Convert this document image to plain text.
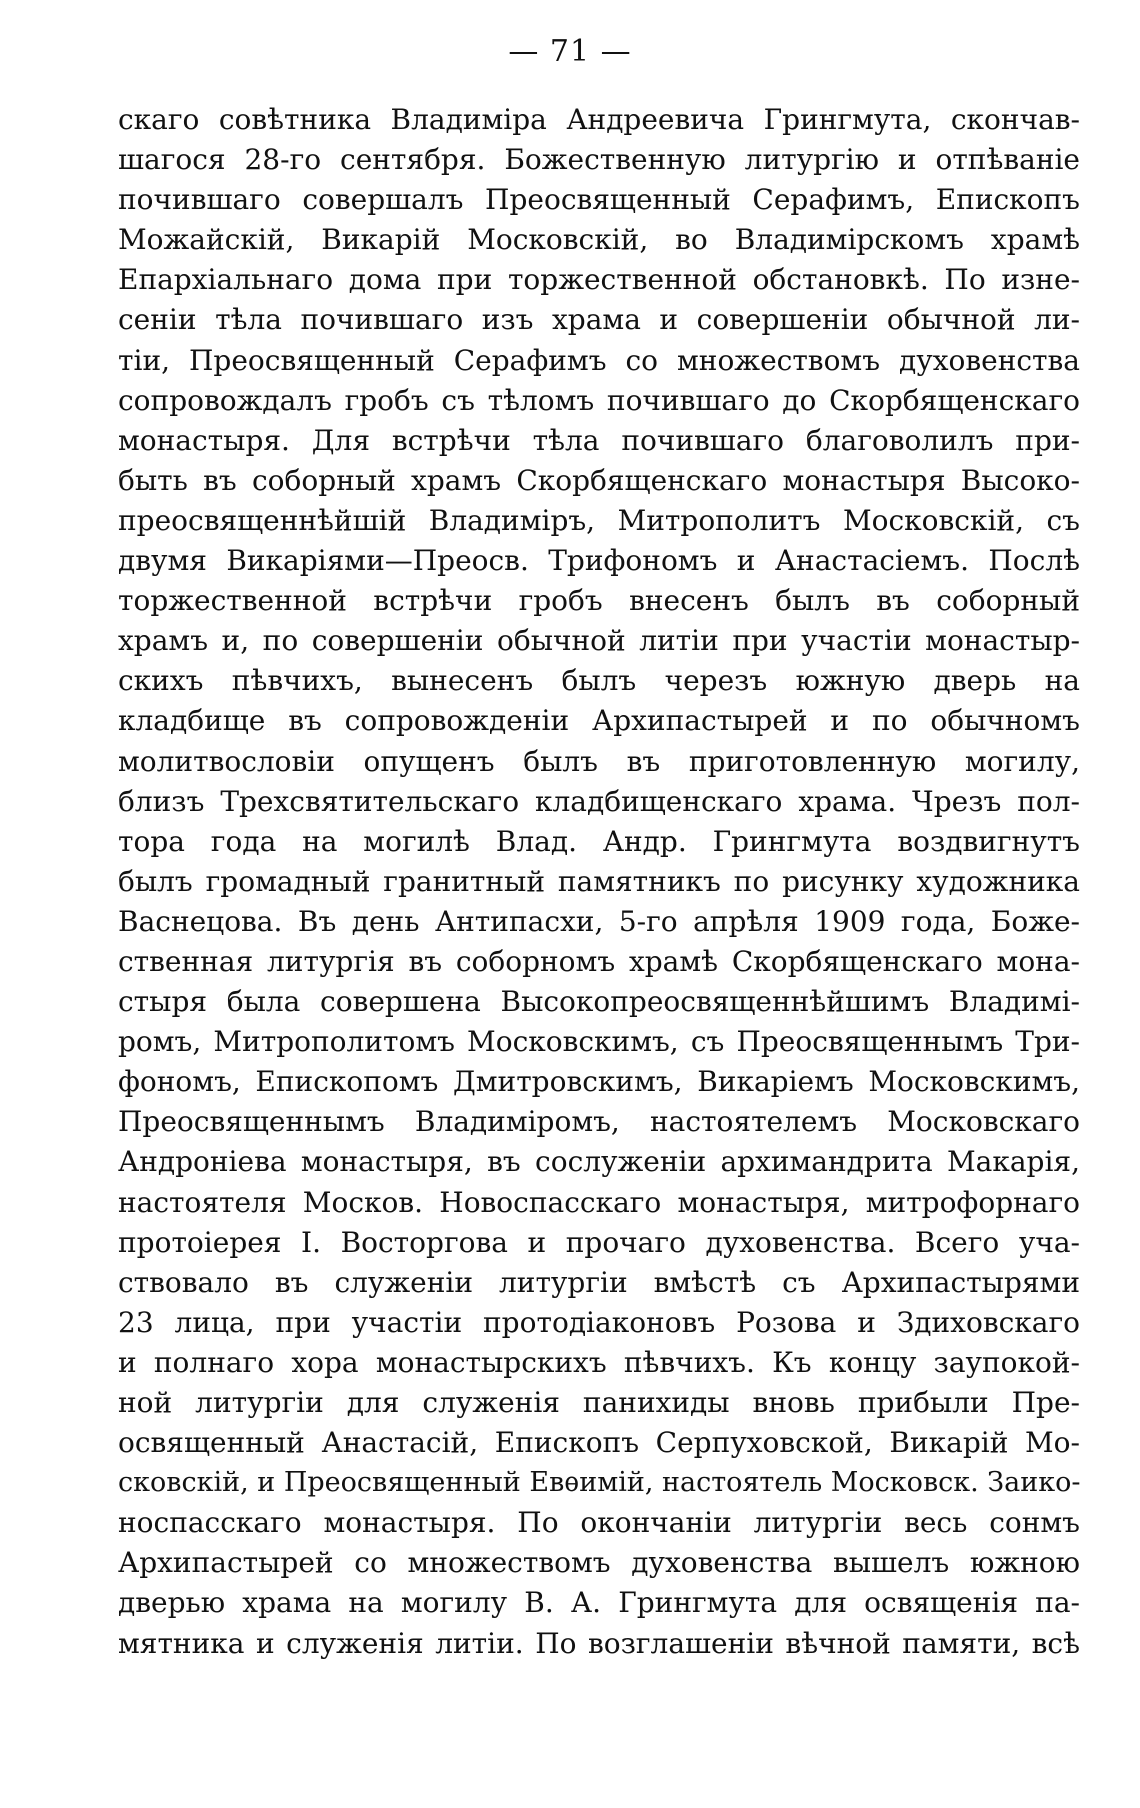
— 71 —
скаго совѣтника Владиміра Андреевича Грингмута, скончав-
шагося 28-го сентября. Божественную литургію и отпѣваніе
почившаго совершалъ Преосвященный Серафимъ, Епископъ
Можайскій, Викарій Московскій, во Владимірскомъ храмѣ
Епархіальнаго дома при торжественной обстановкѣ. По изне-
сеніи тѣла почившаго изъ храма и совершеніи обычной ли-
тіи, Преосвященный Серафимъ со множествомъ духовенства
сопровождалъ гробъ съ тѣломъ почившаго до Скорбященскаго
монастыря. Для встрѣчи тѣла почившаго благоволилъ при-
быть въ соборный храмъ Скорбященскаго монастыря Высоко-
преосвященнѣйшій Владиміръ, Митрополитъ Московскій, съ
двумя Викаріями—Преосв. Трифономъ и Анастасіемъ. Послѣ
торжественной встрѣчи гробъ внесенъ былъ въ соборный
храмъ и, по совершеніи обычной литіи при участіи монастыр-
скихъ пѣвчихъ, вынесенъ былъ черезъ южную дверь на
кладбище въ сопровожденіи Архипастырей и по обычномъ
молитвословіи опущенъ былъ въ приготовленную могилу,
близъ Трехсвятительскаго кладбищенскаго храма. Чрезъ пол-
тора года на могилѣ Влад. Андр. Грингмута воздвигнутъ
былъ громадный гранитный памятникъ по рисунку художника
Васнецова. Въ день Антипасхи, 5-го апрѣля 1909 года, Боже-
ственная литургія въ соборномъ храмѣ Скорбященскаго мона-
стыря была совершена Высокопреосвященнѣйшимъ Владимі-
ромъ, Митрополитомъ Московскимъ, съ Преосвященнымъ Три-
фономъ, Епископомъ Дмитровскимъ, Викаріемъ Московскимъ,
Преосвященнымъ Владиміромъ, настоятелемъ Московскаго
Андроніева монастыря, въ сослуженіи архимандрита Макарія,
настоятеля Москов. Новоспасскаго монастыря, митрофорнаго
протоіерея І. Восторгова и прочаго духовенства. Всего уча-
ствовало въ служеніи литургіи вмѣстѣ съ Архипастырями
23 лица, при участіи протодіаконовъ Розова и Здиховскаго
и полнаго хора монастырскихъ пѣвчихъ. Къ концу заупокой-
ной литургіи для служенія панихиды вновь прибыли Пре-
освященный Анастасій, Епископъ Серпуховской, Викарій Мо-
сковскій, и Преосвященный Евѳимій, настоятель Московск. Заико-
носпасскаго монастыря. По окончаніи литургіи весь сонмъ
Архипастырей со множествомъ духовенства вышелъ южною
дверью храма на могилу В. А. Грингмута для освященія па-
мятника и служенія литіи. По возглашеніи вѣчной памяти, всѣ
